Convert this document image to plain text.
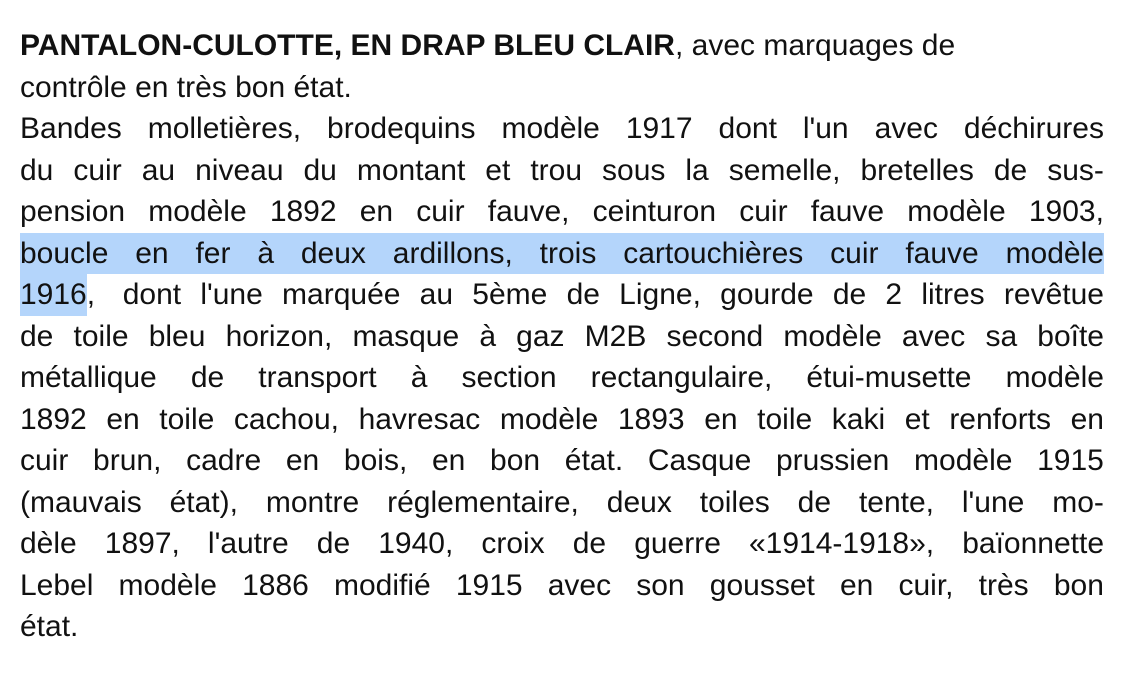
PANTALON-CULOTTE, EN DRAP BLEU CLAIR , avec marquages de
contrôle en très bon état.
Bandes molletières, brodequins modèle 1917 dont l'un avec déchirures
du cuir au niveau du montant et trou sous la semelle, bretelles de sus-
pension modèle 1892 en cuir fauve, ceinturon cuir fauve modèle 1903,
boucle en fer à deux ardillons, trois cartouchières cuir fauve modèle
1916 , dont l'une marquée au 5ème de Ligne, gourde de 2 litres revêtue
de toile bleu horizon, masque à gaz M2B second modèle avec sa boîte
métallique de transport à section rectangulaire, étui-musette modèle
1892 en toile cachou, havresac modèle 1893 en toile kaki et renforts en
cuir brun, cadre en bois, en bon état. Casque prussien modèle 1915
(mauvais état), montre réglementaire, deux toiles de tente, l'une mo-
dèle 1897, l'autre de 1940, croix de guerre «1914-1918», baïonnette
Lebel modèle 1886 modifié 1915 avec son gousset en cuir, très bon
état.
